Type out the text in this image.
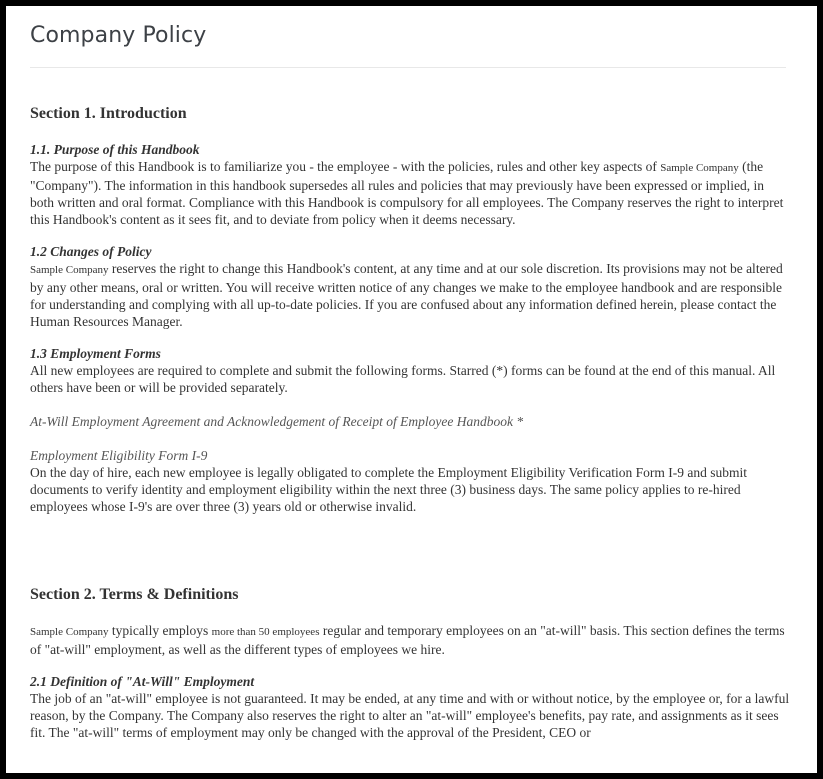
Company Policy
Section 1. Introduction

1.1. Purpose of this Handbook

The purpose of this Handbook is to familiarize you - the employee - with the policies, rules and other key aspects of Sample Company (the "Company"). The information in this handbook supersedes all rules and policies that may previously have been expressed or implied, in both written and oral format. Compliance with this Handbook is compulsory for all employees. The Company reserves the right to interpret this Handbook's content as it sees fit, and to deviate from policy when it deems necessary.

1.2 Changes of Policy

Sample Company reserves the right to change this Handbook's content, at any time and at our sole discretion. Its provisions may not be altered by any other means, oral or written. You will receive written notice of any changes we make to the employee handbook and are responsible for understanding and complying with all up-to-date policies. If you are confused about any information defined herein, please contact the Human Resources Manager.

1.3 Employment Forms

All new employees are required to complete and submit the following forms. Starred (*) forms can be found at the end of this manual. All others have been or will be provided separately.

At-Will Employment Agreement and Acknowledgement of Receipt of Employee Handbook *

Employment Eligibility Form I-9

On the day of hire, each new employee is legally obligated to complete the Employment Eligibility Verification Form I-9 and submit documents to verify identity and employment eligibility within the next three (3) business days. The same policy applies to re-hired employees whose I-9's are over three (3) years old or otherwise invalid.

Section 2. Terms & Definitions

Sample Company typically employs more than 50 employees regular and temporary employees on an "at-will" basis. This section defines the terms of "at-will" employment, as well as the different types of employees we hire.

2.1 Definition of "At-Will" Employment

The job of an "at-will" employee is not guaranteed. It may be ended, at any time and with or without notice, by the employee or, for a lawful reason, by the Company. The Company also reserves the right to alter an "at-will" employee's benefits, pay rate, and assignments as it sees fit. The "at-will" terms of employment may only be changed with the approval of the President, CEO or
